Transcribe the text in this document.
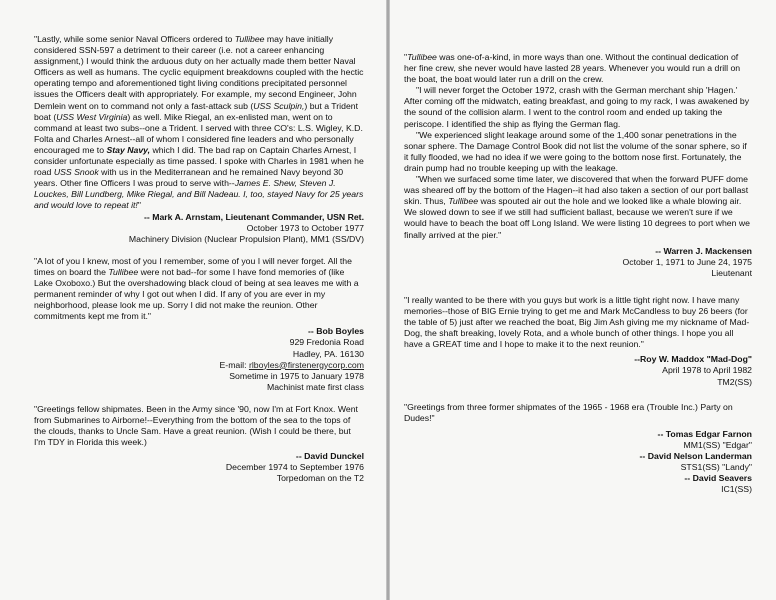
"Lastly, while some senior Naval Officers ordered to Tullibee may have initially considered SSN-597 a detriment to their career (i.e. not a career enhancing assignment,) I would think the arduous duty on her actually made them better Naval Officers as well as humans. The cyclic equipment breakdowns coupled with the hectic operating tempo and aforementioned tight living conditions precipitated personnel issues the Officers dealt with appropriately. For example, my second Engineer, John Demlein went on to command not only a fast-attack sub (USS Sculpin,) but a Trident boat (USS West Virginia) as well. Mike Riegal, an ex-enlisted man, went on to command at least two subs--one a Trident. I served with three CO's: L.S. Wigley, K.D. Folta and Charles Arnest--all of whom I considered fine leaders and who personally encouraged me to Stay Navy, which I did. The bad rap on Captain Charles Arnest, I consider unfortunate especially as time passed. I spoke with Charles in 1981 when he road USS Snook with us in the Mediterranean and he remained Navy beyond 30 years. Other fine Officers I was proud to serve with--James E. Shew, Steven J. Louckes, Bill Lundberg, Mike Riegal, and Bill Nadeau. I, too, stayed Navy for 25 years and would love to repeat it!"

-- Mark A. Arnstam, Lieutenant Commander, USN Ret.

October 1973 to October 1977

Machinery Division (Nuclear Propulsion Plant), MM1 (SS/DV)

"A lot of you I knew, most of you I remember, some of you I will never forget. All the times on board the Tullibee were not bad--for some I have fond memories of (like Lake Oxoboxo.) But the overshadowing black cloud of being at sea leaves me with a permanent reminder of why I got out when I did. If any of you are ever in my neighborhood, please look me up. Sorry I did not make the reunion. Other commitments kept me from it."

-- Bob Boyles

929 Fredonia Road

Hadley, PA. 16130

E-mail: rlboyles@firstenergycorp.com

Sometime in 1975 to January 1978

Machinist mate first class

"Greetings fellow shipmates. Been in the Army since '90, now I'm at Fort Knox. Went from Submarines to Airborne!--Everything from the bottom of the sea to the tops of the clouds, thanks to Uncle Sam. Have a great reunion. (Wish I could be there, but I'm TDY in Florida this week.)

-- David Dunckel

December 1974 to September 1976

Torpedoman on the T2

"Tullibee was one-of-a-kind, in more ways than one. Without the continual dedication of her fine crew, she never would have lasted 28 years. Whenever you would run a drill on the boat, the boat would later run a drill on the crew.

"I will never forget the October 1972, crash with the German merchant ship 'Hagen.' After coming off the midwatch, eating breakfast, and going to my rack, I was awakened by the sound of the collision alarm. I went to the control room and ended up taking the periscope. I identified the ship as flying the German flag.

"We experienced slight leakage around some of the 1,400 sonar penetrations in the sonar sphere. The Damage Control Book did not list the volume of the sonar sphere, so if it fully flooded, we had no idea if we were going to the bottom nose first. Fortunately, the drain pump had no trouble keeping up with the leakage.

"When we surfaced some time later, we discovered that when the forward PUFF dome was sheared off by the bottom of the Hagen--it had also taken a section of our port ballast skin. Thus, Tullibee was spouted air out the hole and we looked like a whale blowing air. We slowed down to see if we still had sufficient ballast, because we weren't sure if we would have to beach the boat off Long Island. We were listing 10 degrees to port when we finally arrived at the pier."

-- Warren J. Mackensen

October 1, 1971 to June 24, 1975

Lieutenant

"I really wanted to be there with you guys but work is a little tight right now. I have many memories--those of BIG Ernie trying to get me and Mark McCandless to buy 26 beers (for the table of 5) just after we reached the boat, Big Jim Ash giving me my nickname of Mad-Dog, the shaft breaking, lovely Rota, and a whole bunch of other things. I hope you all have a GREAT time and I hope to make it to the next reunion."

--Roy W. Maddox "Mad-Dog"

April 1978 to April 1982

TM2(SS)

"Greetings from three former shipmates of the 1965 - 1968 era (Trouble Inc.) Party on Dudes!"

-- Tomas Edgar Farnon

MM1(SS) "Edgar"

-- David Nelson Landerman

STS1(SS) "Landy"

-- David Seavers

IC1(SS)
